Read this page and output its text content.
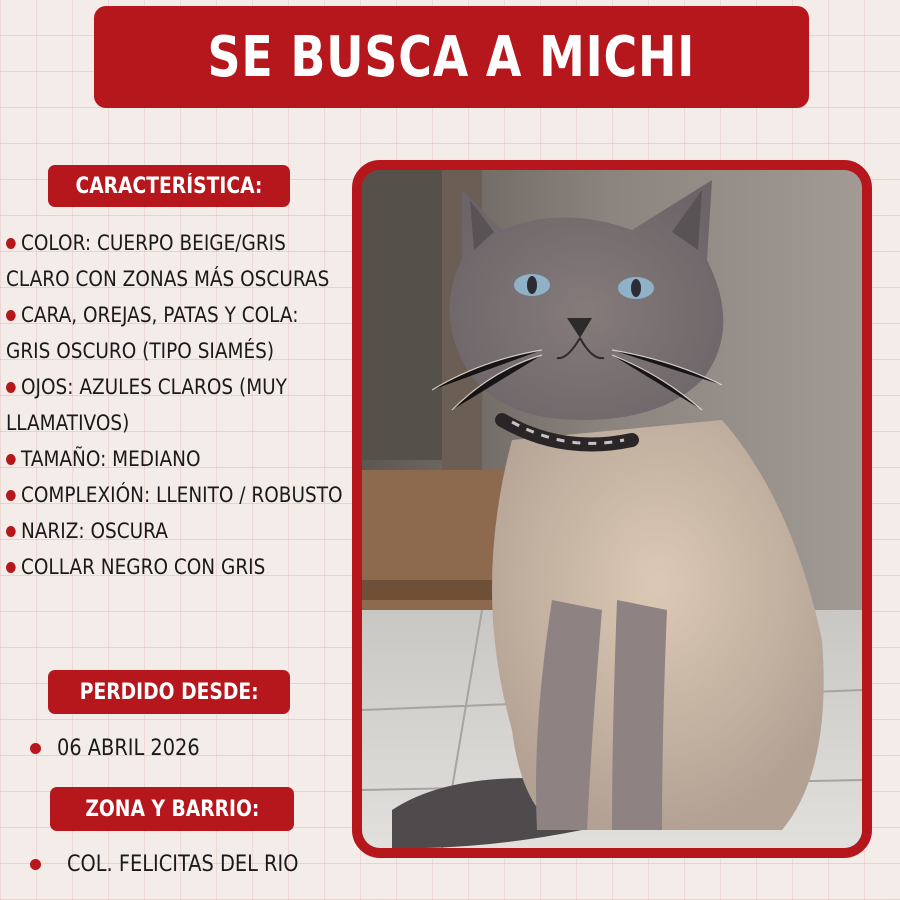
SE BUSCA A MICHI
CARACTERÍSTICA:
COLOR: CUERPO BEIGE/GRIS CLARO CON ZONAS MÁS OSCURAS
CARA, OREJAS, PATAS Y COLA: GRIS OSCURO (TIPO SIAMÉS)
OJOS: AZULES CLAROS (MUY LLAMATIVOS)
TAMAÑO: MEDIANO
COMPLEXIÓN: LLENITO / ROBUSTO
NARIZ: OSCURA
COLLAR NEGRO CON GRIS
PERDIDO DESDE:
06 ABRIL 2026
ZONA Y BARRIO:
COL. FELICITAS DEL RIO
